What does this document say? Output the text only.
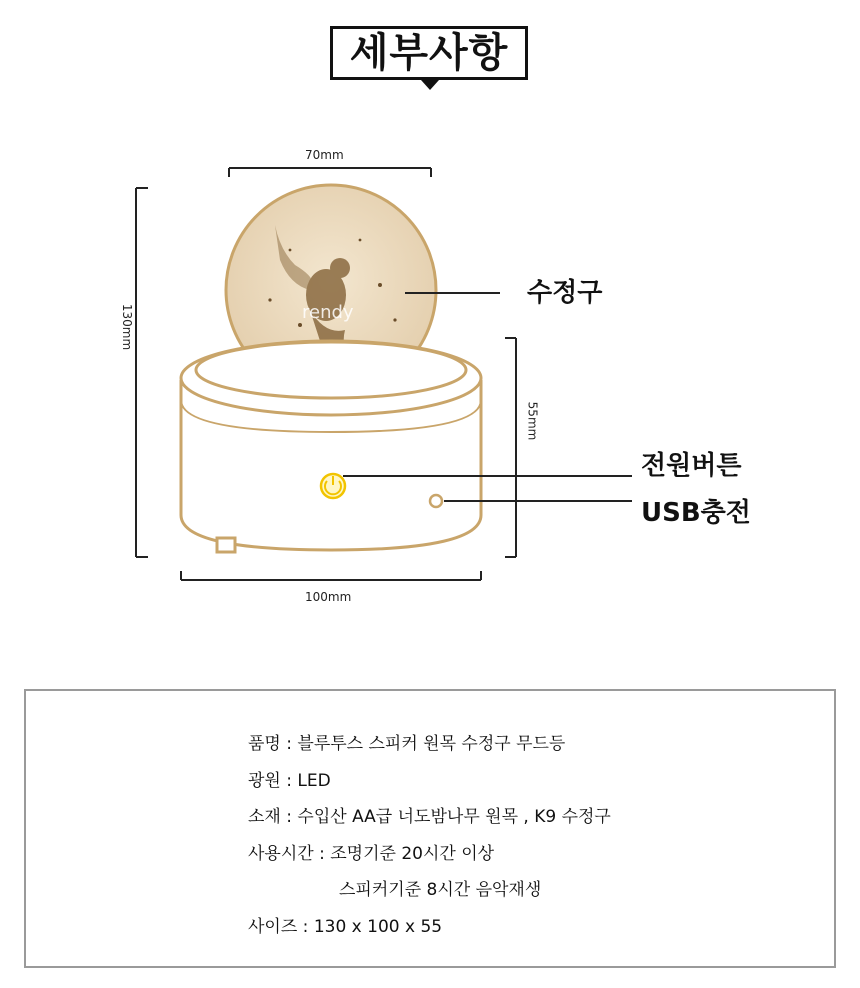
세부사항
rendy
70mm
100mm
130mm
55mm
수정구
전원버튼
USB충전
품명 : 블루투스 스피커 원목 수정구 무드등
광원 : LED
소재 : 수입산 AA급 너도밤나무 원목 , K9 수정구
사용시간 : 조명기준 20시간 이상
스피커기준 8시간 음악재생
사이즈 : 130 x 100 x 55
